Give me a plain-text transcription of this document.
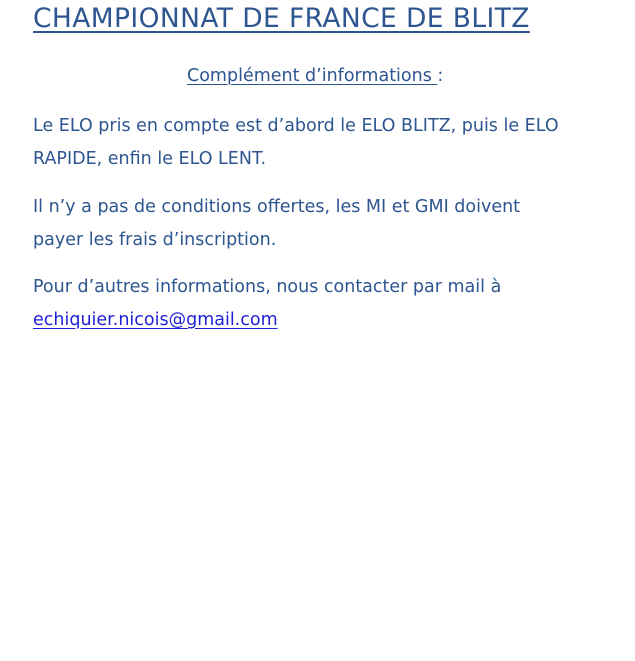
CHAMPIONNAT DE FRANCE DE BLITZ
Complément d’informations :

Le ELO pris en compte est d’abord le ELO BLITZ, puis le ELO
RAPIDE, enfin le ELO LENT.

Il n’y a pas de conditions offertes, les MI et GMI doivent
payer les frais d’inscription.

Pour d’autres informations, nous contacter par mail à
echiquier.nicois@gmail.com
